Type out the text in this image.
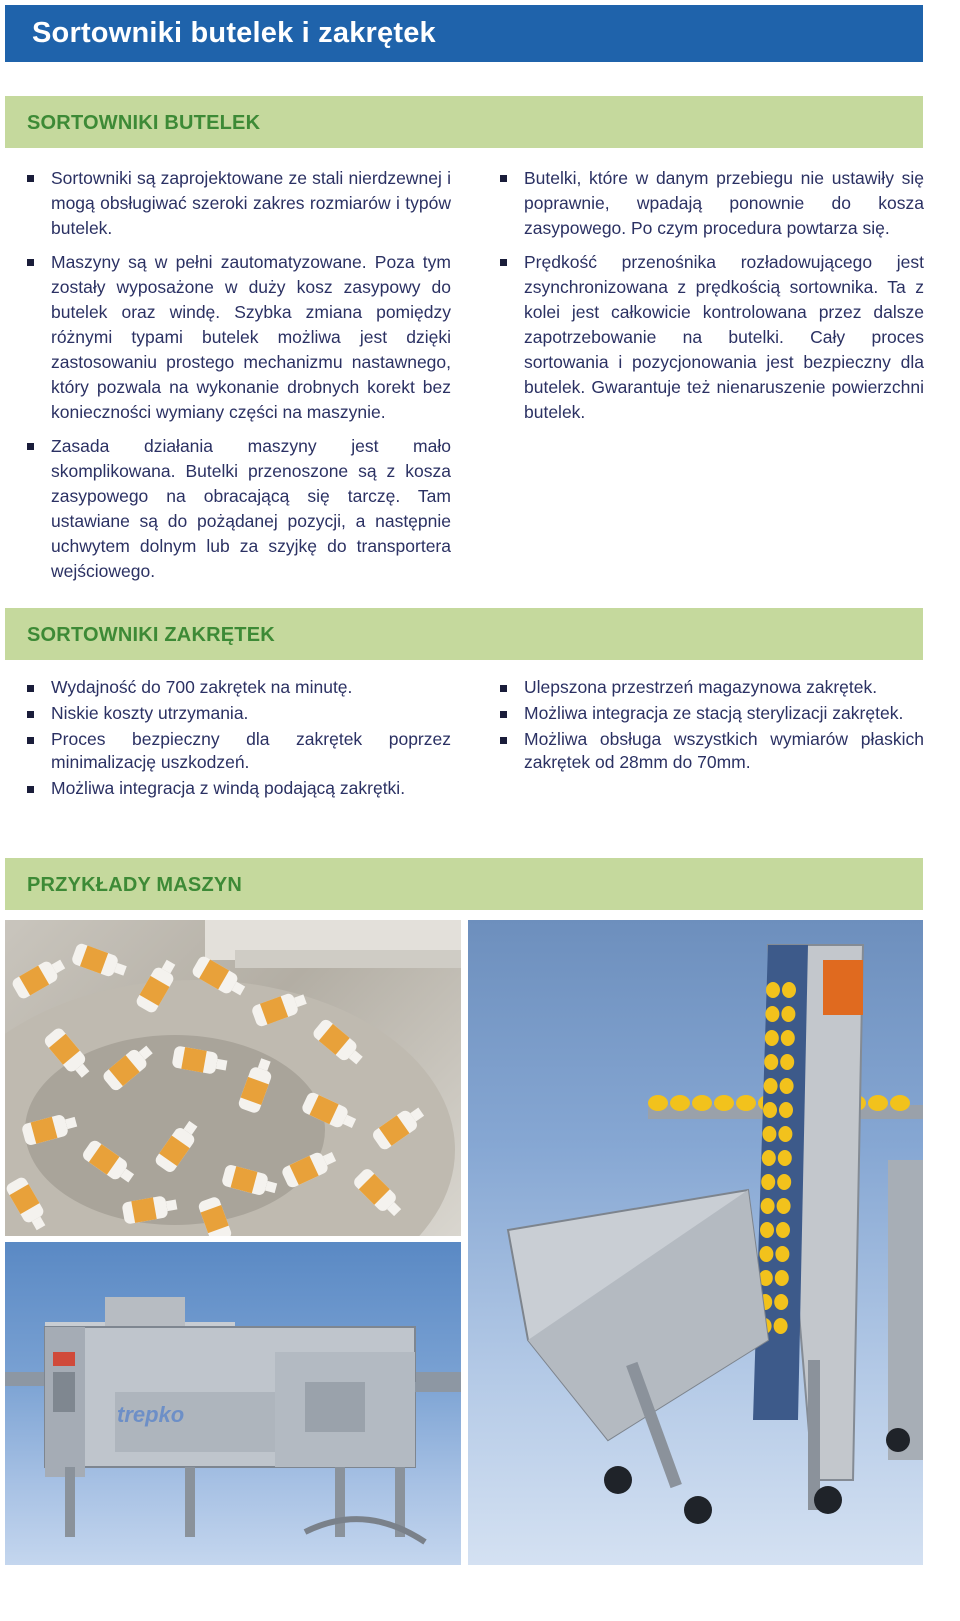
Sortowniki butelek i zakrętek
SORTOWNIKI BUTELEK
Sortowniki są zaprojektowane ze stali nierdzewnej i mogą obsługiwać szeroki zakres rozmiarów i typów butelek.
Maszyny są w pełni zautomatyzowane. Poza tym zostały wyposażone w duży kosz zasypowy do butelek oraz windę. Szybka zmiana pomiędzy różnymi typami butelek możliwa jest dzięki zastosowaniu prostego mechanizmu nastawnego, który pozwala na wykonanie drobnych korekt bez konieczności wymiany części na maszynie.
Zasada działania maszyny jest mało skomplikowana. Butelki przenoszone są z kosza zasypowego na obracającą się tarczę. Tam ustawiane są do pożądanej pozycji, a następnie uchwytem dolnym lub za szyjkę do transportera wejściowego.
Butelki, które w danym przebiegu nie ustawiły się poprawnie, wpadają ponownie do kosza zasypowego. Po czym procedura powtarza się.
Prędkość przenośnika rozładowującego jest zsynchronizowana z prędkością sortownika. Ta z kolei jest całkowicie kontrolowana przez dalsze zapotrzebowanie na butelki. Cały proces sortowania i pozycjonowania jest bezpieczny dla butelek. Gwarantuje też nienaruszenie powierzchni butelek.
SORTOWNIKI ZAKRĘTEK
Wydajność do 700 zakrętek na minutę.
Niskie koszty utrzymania.
Proces bezpieczny dla zakrętek poprzez minimalizację uszkodzeń.
Możliwa integracja z windą podającą zakrętki.
Ulepszona przestrzeń magazynowa zakrętek.
Możliwa integracja ze stacją sterylizacji zakrętek.
Możliwa obsługa wszystkich wymiarów płaskich zakrętek od 28mm do 70mm.
PRZYKŁADY MASZYN
trepko
